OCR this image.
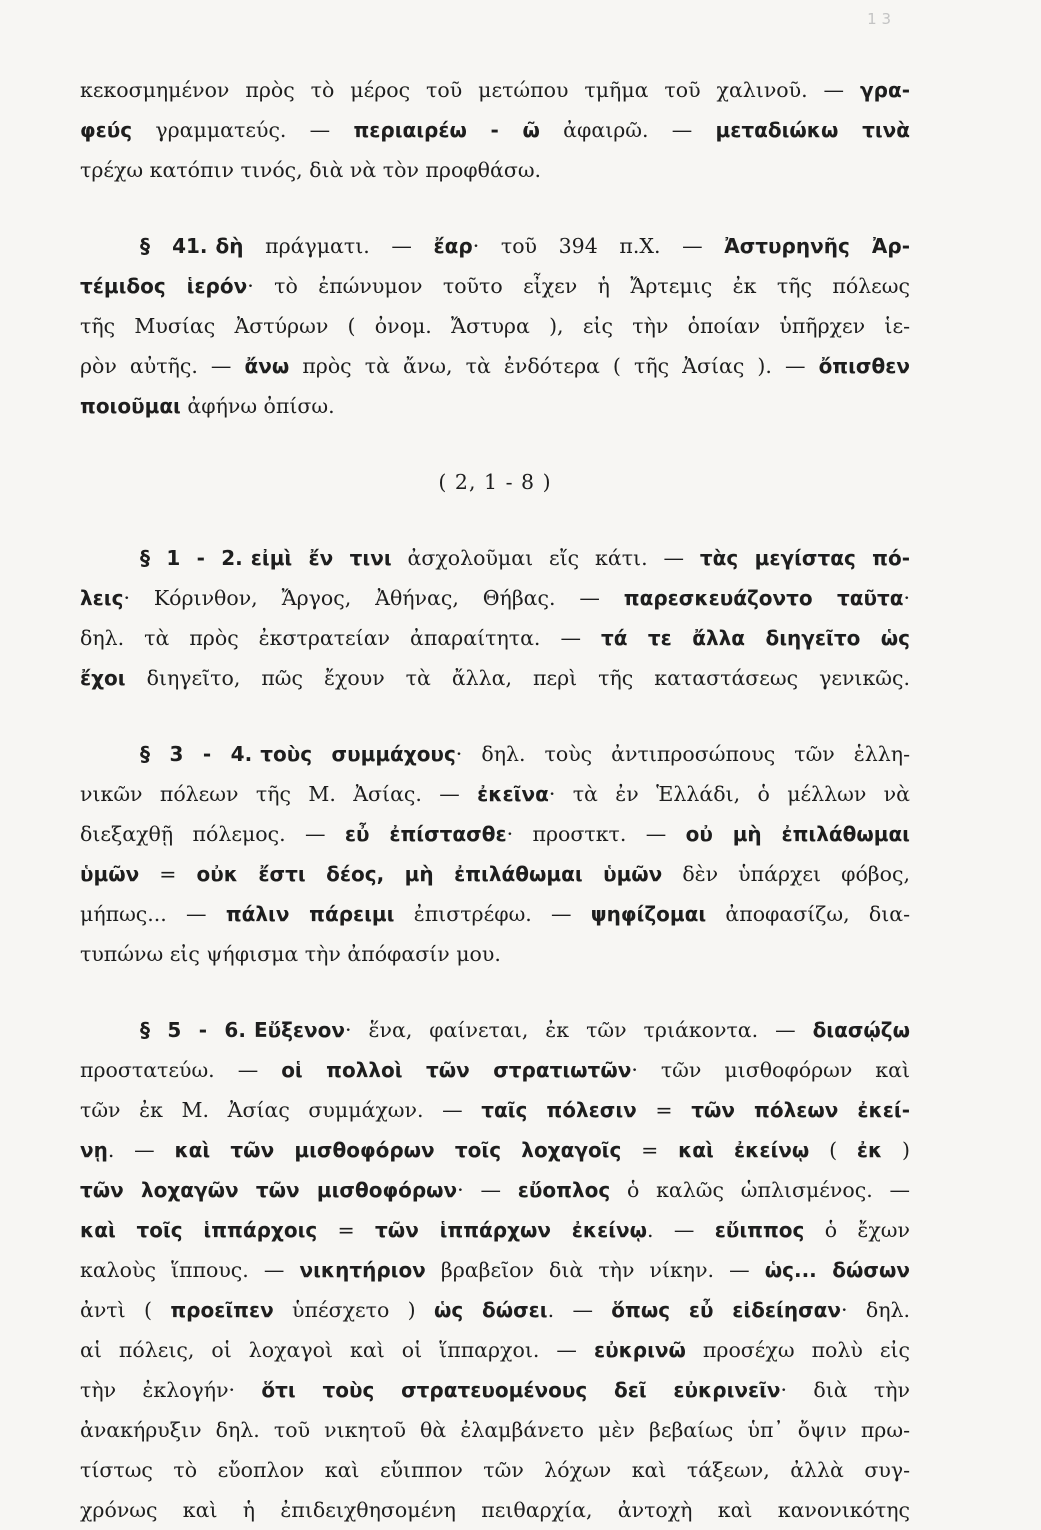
1 3
κεκοσμημένον πρὸς τὸ μέρος τοῦ μετώπου τμῆμα τοῦ χαλινοῦ. — γρα-
φεύς γραμματεύς. — περιαιρέω - ῶ ἀφαιρῶ. — μεταδιώκω τινὰ
τρέχω κατόπιν τινός, διὰ νὰ τὸν προφθάσω.
§ 41. δὴ πράγματι. — ἔαρ· τοῦ 394 π.Χ. — Ἀστυρηνῆς Ἀρ-
τέμιδος ἱερόν· τὸ ἐπώνυμον τοῦτο εἶχεν ἡ Ἄρτεμις ἐκ τῆς πόλεως
τῆς Μυσίας Ἀστύρων ( ὀνομ. Ἄστυρα ), εἰς τὴν ὁποίαν ὑπῆρχεν ἱε-
ρὸν αὐτῆς. — ἄνω πρὸς τὰ ἄνω, τὰ ἐνδότερα ( τῆς Ἀσίας ). — ὄπισθεν
ποιοῦμαι ἀφήνω ὀπίσω.
( 2, 1 - 8 )
§ 1 - 2. εἰμὶ ἔν τινι ἀσχολοῦμαι εἴς κάτι. — τὰς μεγίστας πό-
λεις· Κόρινθον, Ἄργος, Ἀθήνας, Θήβας. — παρεσκευάζοντο ταῦτα·
δηλ. τὰ πρὸς ἐκστρατείαν ἀπαραίτητα. — τά τε ἄλλα διηγεῖτο ὡς
ἔχοι διηγεῖτο, πῶς ἔχουν τὰ ἄλλα, περὶ τῆς καταστάσεως γενικῶς.
§ 3 - 4. τοὺς συμμάχους· δηλ. τοὺς ἀντιπροσώπους τῶν ἑλλη-
νικῶν πόλεων τῆς Μ. Ἀσίας. — ἐκεῖνα· τὰ ἐν Ἑλλάδι, ὁ μέλλων νὰ
διεξαχθῇ πόλεμος. — εὖ ἐπίστασθε· προστκτ. — οὐ μὴ ἐπιλάθωμαι
ὑμῶν = οὐκ ἔστι δέος, μὴ ἐπιλάθωμαι ὑμῶν δὲν ὑπάρχει φόβος,
μήπως... — πάλιν πάρειμι ἐπιστρέφω. — ψηφίζομαι ἀποφασίζω, δια-
τυπώνω εἰς ψήφισμα τὴν ἀπόφασίν μου.
§ 5 - 6. Εὔξενον· ἕνα, φαίνεται, ἐκ τῶν τριάκοντα. — διασῴζω
προστατεύω. — οἱ πολλοὶ τῶν στρατιωτῶν· τῶν μισθοφόρων καὶ
τῶν ἐκ Μ. Ἀσίας συμμάχων. — ταῖς πόλεσιν = τῶν πόλεων ἐκεί-
νῃ. — καὶ τῶν μισθοφόρων τοῖς λοχαγοῖς = καὶ ἐκείνῳ ( ἐκ )
τῶν λοχαγῶν τῶν μισθοφόρων· — εὔοπλος ὁ καλῶς ὡπλισμένος. —
καὶ τοῖς ἱππάρχοις = τῶν ἱππάρχων ἐκείνῳ. — εὔιππος ὁ ἔχων
καλοὺς ἵππους. — νικητήριον βραβεῖον διὰ τὴν νίκην. — ὡς... δώσων
ἀντὶ ( προεῖπεν ὑπέσχετο ) ὡς δώσει. — ὅπως εὖ εἰδείησαν· δηλ.
αἱ πόλεις, οἱ λοχαγοὶ καὶ οἱ ἵππαρχοι. — εὐκρινῶ προσέχω πολὺ εἰς
τὴν ἐκλογήν· ὅτι τοὺς στρατευομένους δεῖ εὐκρινεῖν· διὰ τὴν
ἀνακήρυξιν δηλ. τοῦ νικητοῦ θὰ ἐλαμβάνετο μὲν βεβαίως ὑπ᾽ ὄψιν πρω-
τίστως τὸ εὔοπλον καὶ εὔιππον τῶν λόχων καὶ τάξεων, ἀλλὰ συγ-
χρόνως καὶ ἡ ἐπιδειχθησομένη πειθαρχία, ἀντοχὴ καὶ κανονικότης
